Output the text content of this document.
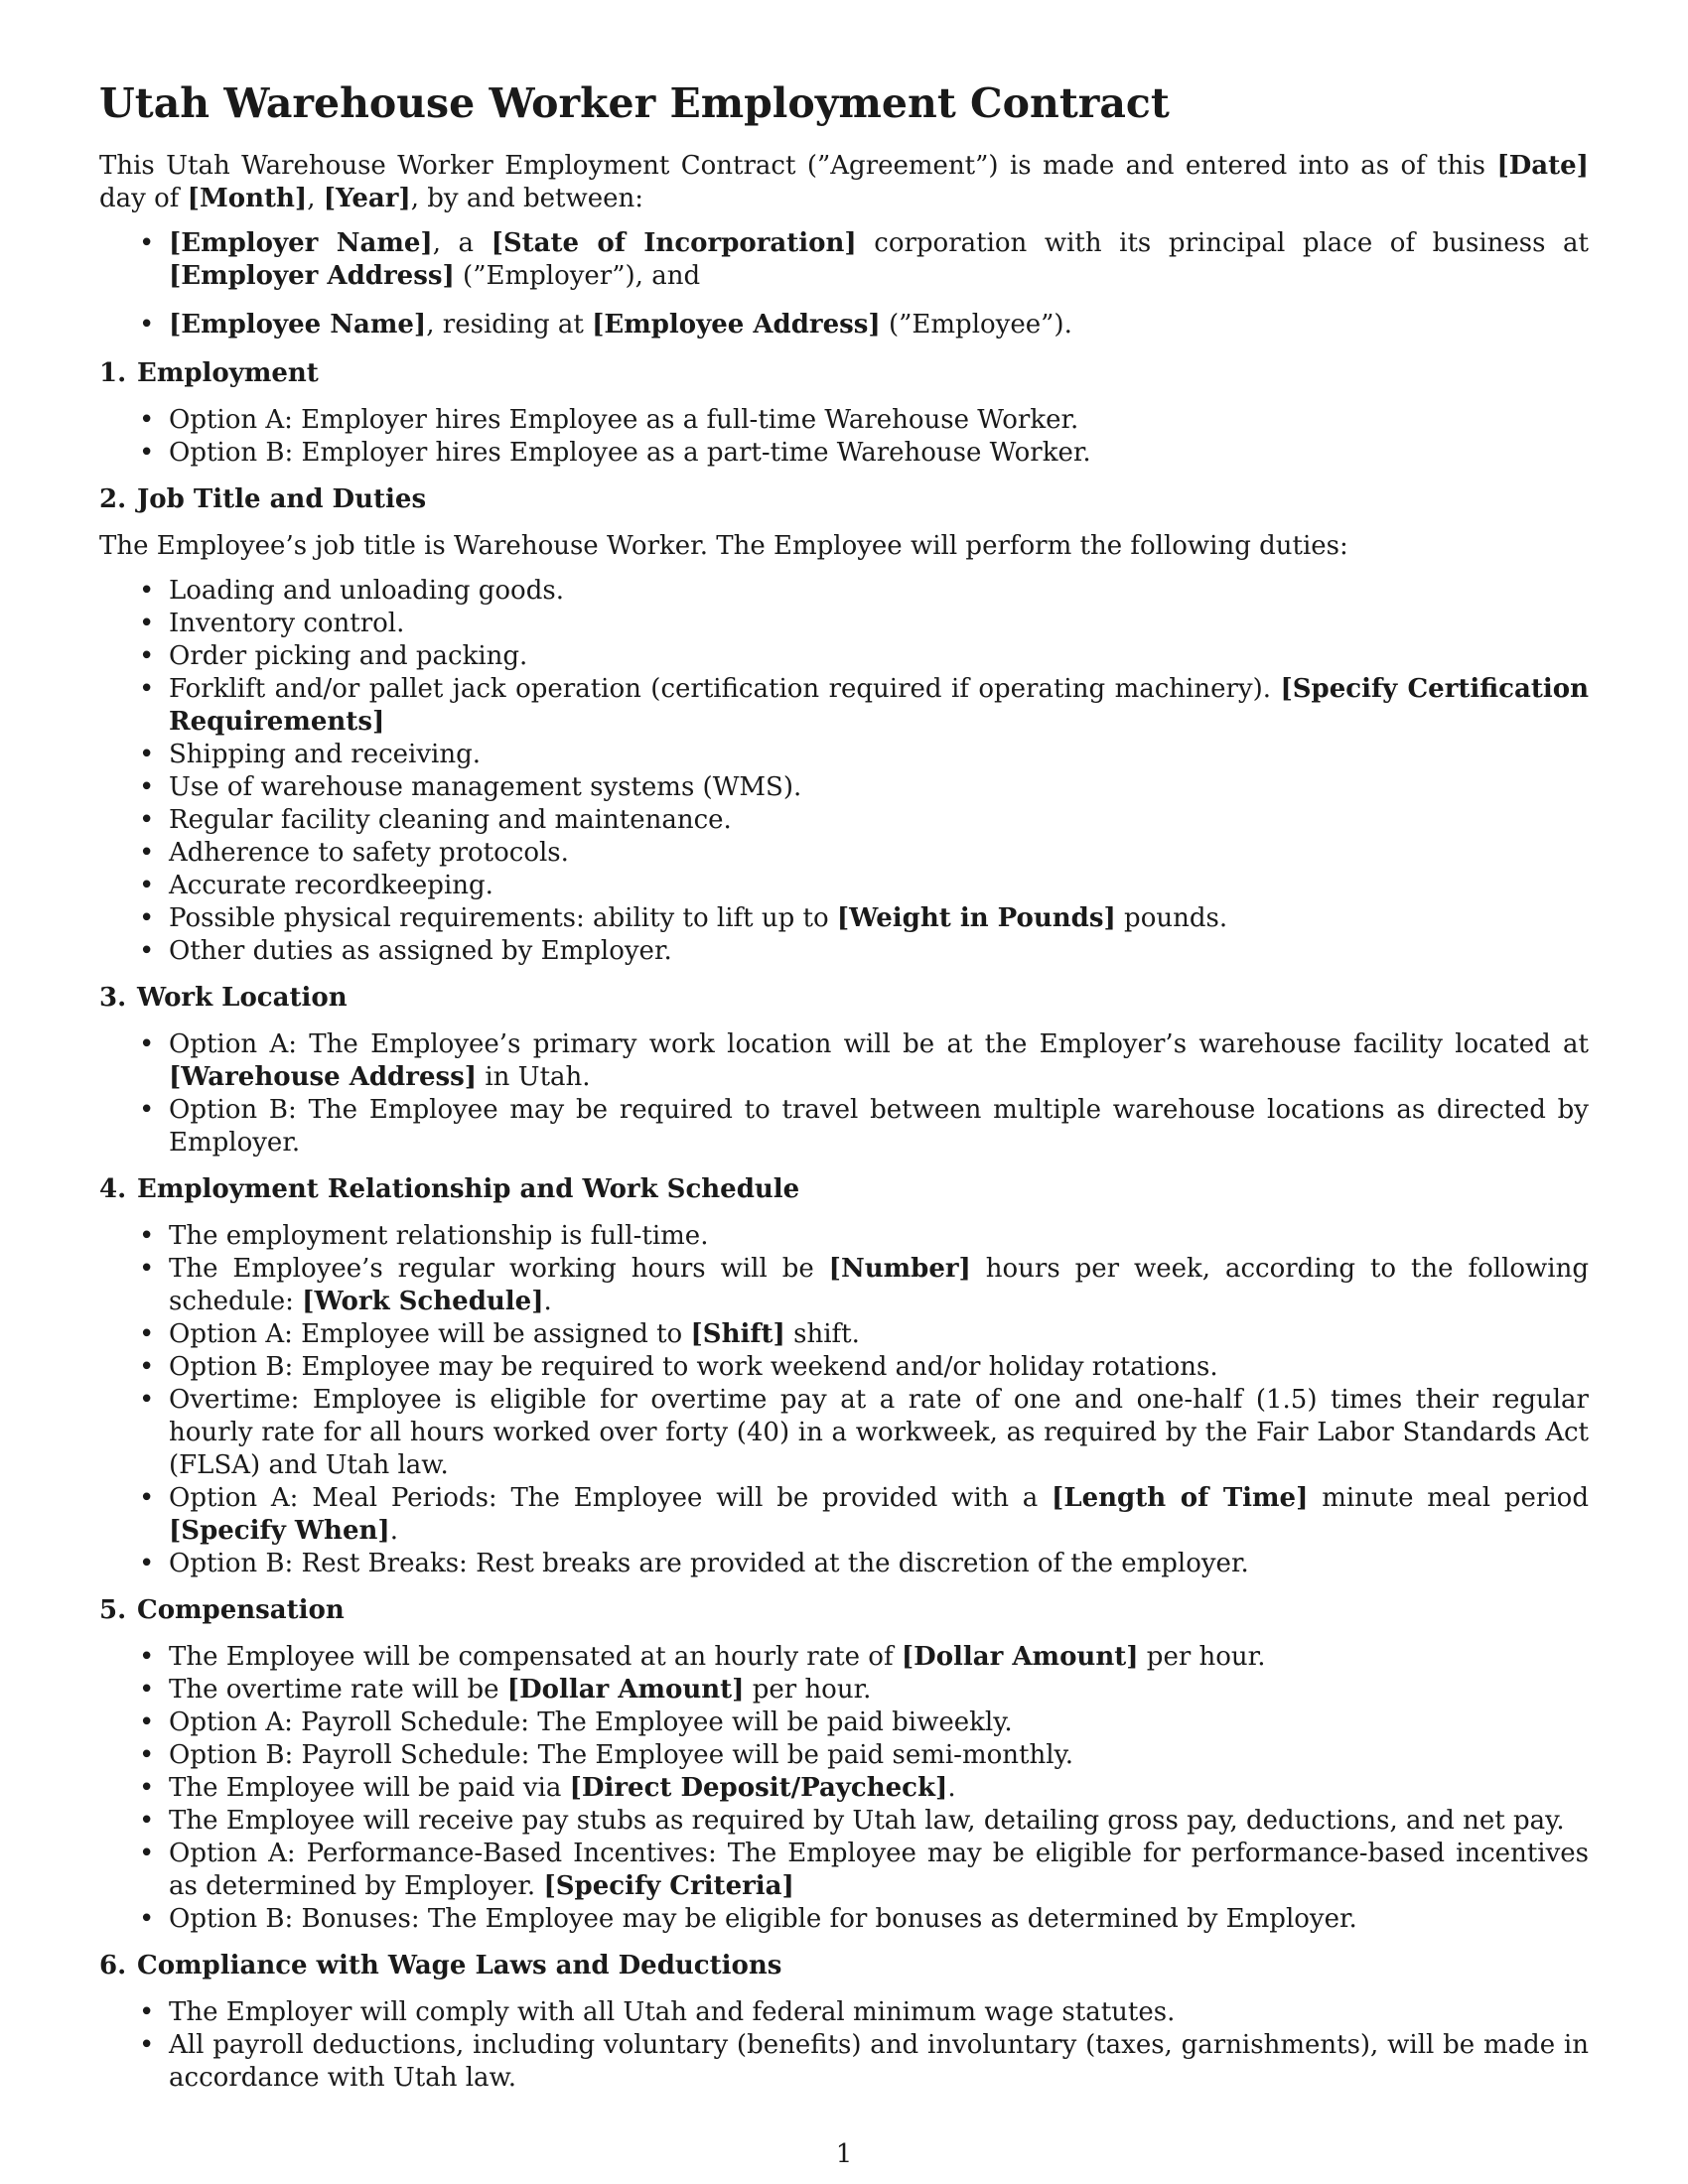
Utah Warehouse Worker Employment Contract

This Utah Warehouse Worker Employment Contract (”Agreement”) is made and entered into as of this [Date] day of [Month], [Year], by and between:

• [Employer Name], a [State of Incorporation] corporation with its principal place of business at [Employer Address] (”Employer”), and
• [Employee Name], residing at [Employee Address] (”Employee”).
1. Employment
• Option A: Employer hires Employee as a full-time Warehouse Worker.
• Option B: Employer hires Employee as a part-time Warehouse Worker.
2. Job Title and Duties

The Employee’s job title is Warehouse Worker. The Employee will perform the following duties:

• Loading and unloading goods.
• Inventory control.
• Order picking and packing.
• Forklift and/or pallet jack operation (certification required if operating machinery). [Specify Certification Requirements]
• Shipping and receiving.
• Use of warehouse management systems (WMS).
• Regular facility cleaning and maintenance.
• Adherence to safety protocols.
• Accurate recordkeeping.
• Possible physical requirements: ability to lift up to [Weight in Pounds] pounds.
• Other duties as assigned by Employer.
3. Work Location
• Option A: The Employee’s primary work location will be at the Employer’s warehouse facility located at [Warehouse Address] in Utah.
• Option B: The Employee may be required to travel between multiple warehouse locations as directed by Employer.
4. Employment Relationship and Work Schedule
• The employment relationship is full-time.
• The Employee’s regular working hours will be [Number] hours per week, according to the following schedule: [Work Schedule].
• Option A: Employee will be assigned to [Shift] shift.
• Option B: Employee may be required to work weekend and/or holiday rotations.
• Overtime: Employee is eligible for overtime pay at a rate of one and one-half (1.5) times their regular hourly rate for all hours worked over forty (40) in a workweek, as required by the Fair Labor Standards Act (FLSA) and Utah law.
• Option A: Meal Periods: The Employee will be provided with a [Length of Time] minute meal period [Specify When].
• Option B: Rest Breaks: Rest breaks are provided at the discretion of the employer.
5. Compensation
• The Employee will be compensated at an hourly rate of [Dollar Amount] per hour.
• The overtime rate will be [Dollar Amount] per hour.
• Option A: Payroll Schedule: The Employee will be paid biweekly.
• Option B: Payroll Schedule: The Employee will be paid semi-monthly.
• The Employee will be paid via [Direct Deposit/Paycheck].
• The Employee will receive pay stubs as required by Utah law, detailing gross pay, deductions, and net pay.
• Option A: Performance-Based Incentives: The Employee may be eligible for performance-based incentives as determined by Employer. [Specify Criteria]
• Option B: Bonuses: The Employee may be eligible for bonuses as determined by Employer.
6. Compliance with Wage Laws and Deductions
• The Employer will comply with all Utah and federal minimum wage statutes.
• All payroll deductions, including voluntary (benefits) and involuntary (taxes, garnishments), will be made in accordance with Utah law.
1
